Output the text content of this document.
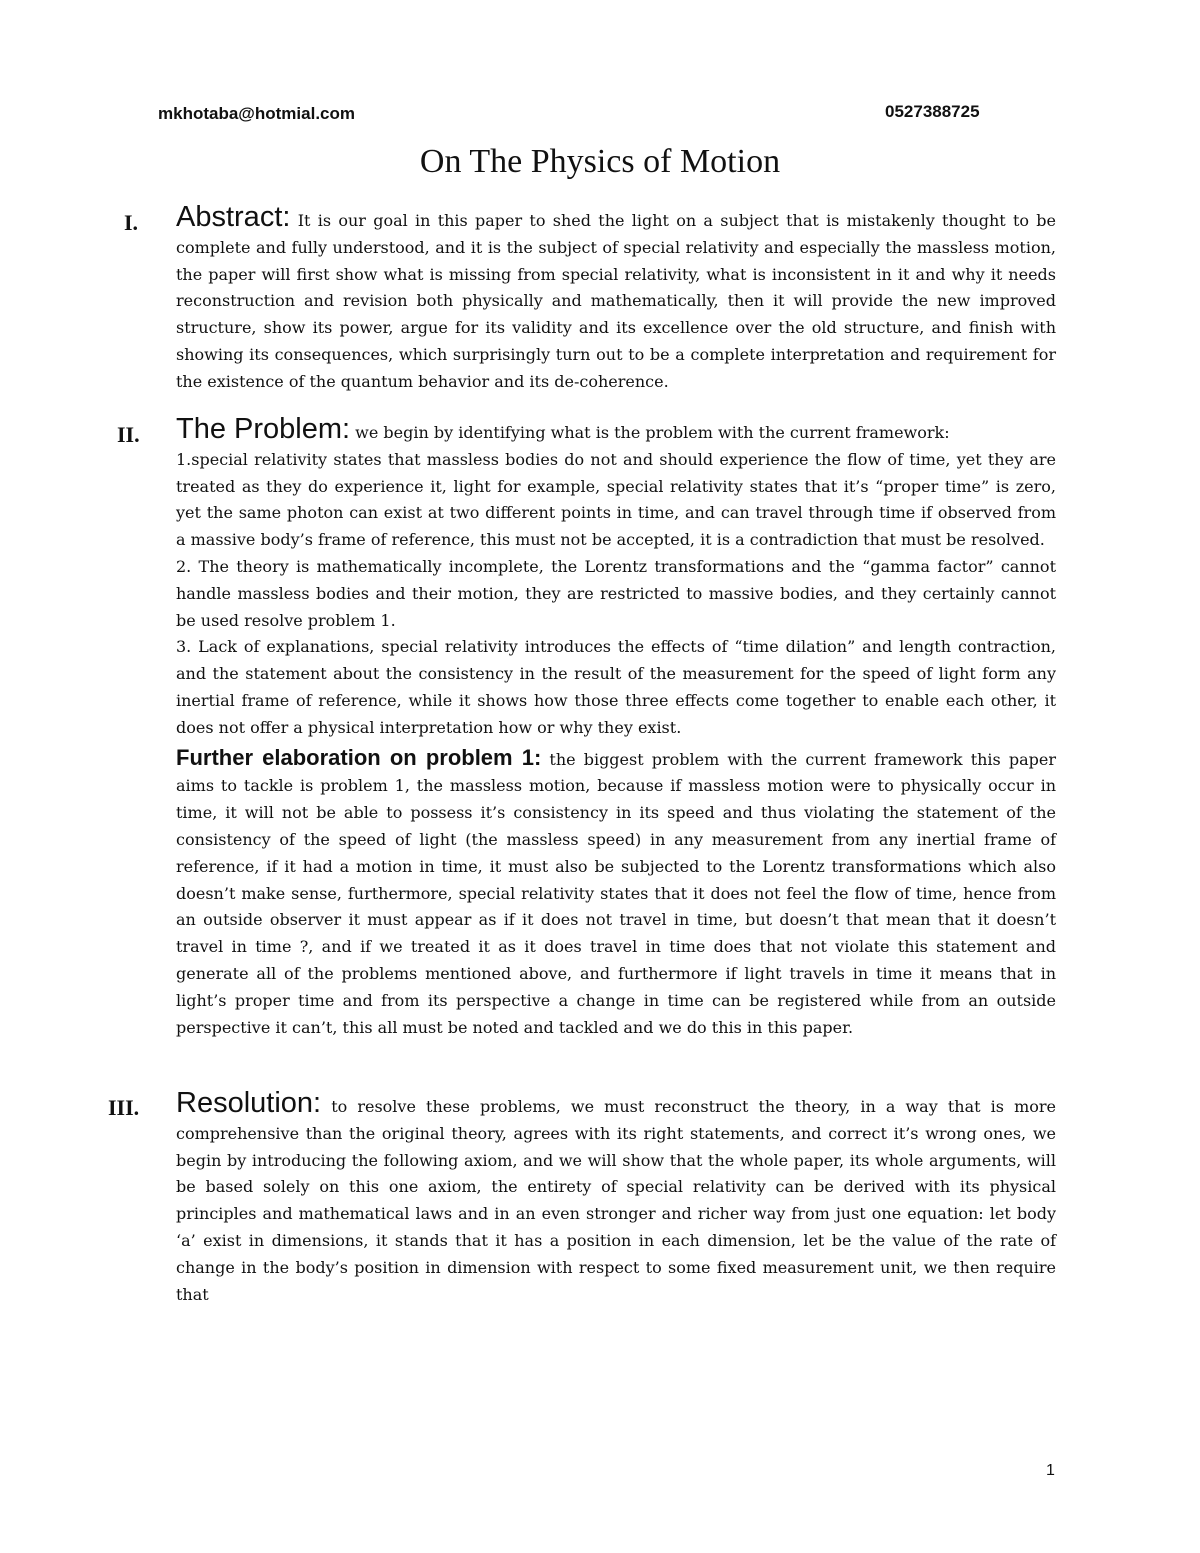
mkhotaba@hotmial.com	0527388725
On The Physics of Motion
I. Abstract: It is our goal in this paper to shed the light on a subject that is mistakenly thought to be complete and fully understood, and it is the subject of special relativity and especially the massless motion, the paper will first show what is missing from special relativity, what is inconsistent in it and why it needs reconstruction and revision both physically and mathematically, then it will provide the new improved structure, show its power, argue for its validity and its excellence over the old structure, and finish with showing its consequences, which surprisingly turn out to be a complete interpretation and requirement for the existence of the quantum behavior and its de-coherence.

II. The Problem: we begin by identifying what is the problem with the current framework:

1.special relativity states that massless bodies do not and should experience the flow of time, yet they are treated as they do experience it, light for example, special relativity states that it’s “proper time” is zero, yet the same photon can exist at two different points in time, and can travel through time if observed from a massive body’s frame of reference, this must not be accepted, it is a contradiction that must be resolved.

2. The theory is mathematically incomplete, the Lorentz transformations and the “gamma factor” cannot handle massless bodies and their motion, they are restricted to massive bodies, and they certainly cannot be used resolve problem 1.

3. Lack of explanations, special relativity introduces the effects of “time dilation” and length contraction, and the statement about the consistency in the result of the measurement for the speed of light form any inertial frame of reference, while it shows how those three effects come together to enable each other, it does not offer a physical interpretation how or why they exist.

Further elaboration on problem 1: the biggest problem with the current framework this paper aims to tackle is problem 1, the massless motion, because if massless motion were to physically occur in time, it will not be able to possess it’s consistency in its speed and thus violating the statement of the consistency of the speed of light (the massless speed) in any measurement from any inertial frame of reference, if it had a motion in time, it must also be subjected to the Lorentz transformations which also doesn’t make sense, furthermore, special relativity states that it does not feel the flow of time, hence from an outside observer it must appear as if it does not travel in time, but doesn’t that mean that it doesn’t travel in time ?, and if we treated it as it does travel in time does that not violate this statement and generate all of the problems mentioned above, and furthermore if light travels in time it means that in light’s proper time and from its perspective a change in time can be registered while from an outside perspective it can’t, this all must be noted and tackled and we do this in this paper.

III. Resolution: to resolve these problems, we must reconstruct the theory, in a way that is more comprehensive than the original theory, agrees with its right statements, and correct it’s wrong ones, we begin by introducing the following axiom, and we will show that the whole paper, its whole arguments, will be based solely on this one axiom, the entirety of special relativity can be derived with its physical principles and mathematical laws and in an even stronger and richer way from just one equation: let body ‘a’ exist in dimensions, it stands that it has a position in each dimension, let be the value of the rate of change in the body’s position in dimension with respect to some fixed measurement unit, we then require that

1
